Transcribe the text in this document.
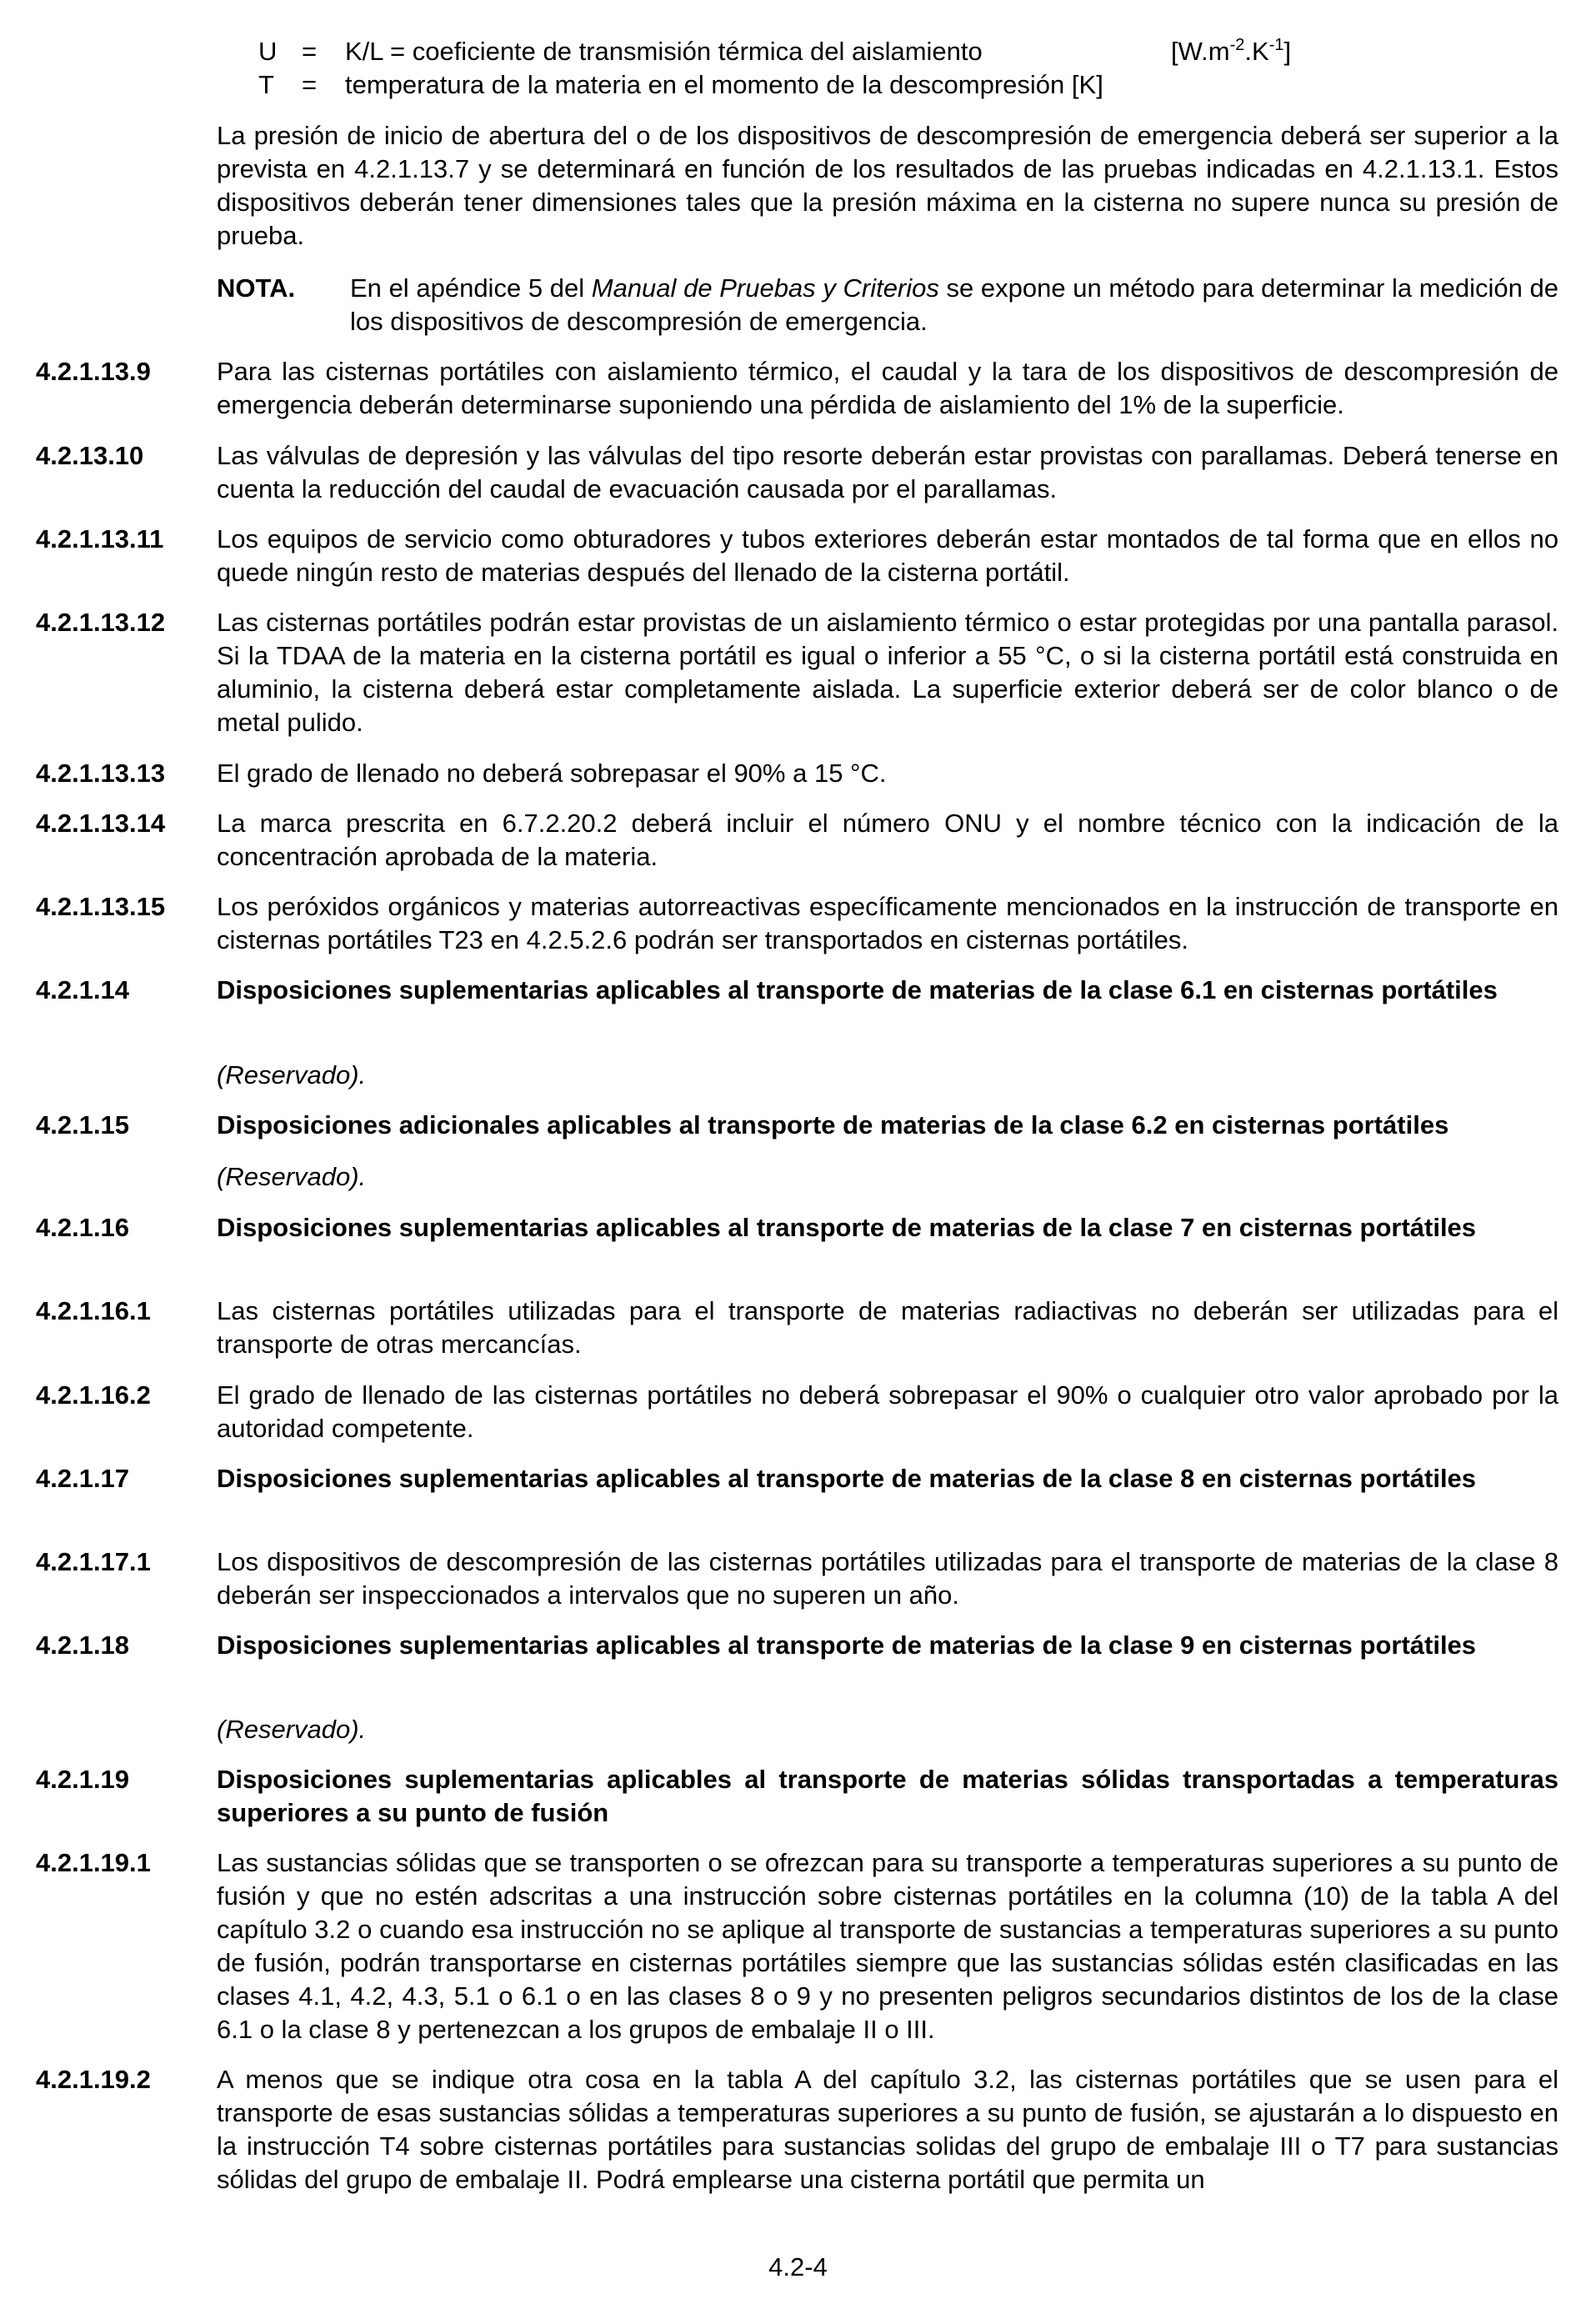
U =	K/L = coeficiente de transmisión térmica del aislamiento	$[W.m^{-2}.K^{-1}]$
T	=	temperatura de la materia en el momento de la descompresión [K]
La presión de inicio de abertura del o de los dispositivos de descompresión de emergencia deberá ser superior a la prevista en 4.2.1.13.7 y se determinará en función de los resultados de las pruebas indicadas en 4.2.1.13.1. Estos dispositivos deberán tener dimensiones tales que la presión máxima en la cisterna no supere nunca su presión de prueba.
NOTA. En el apéndice 5 del Manual de Pruebas y Criterios se expone un método para determinar la medición de los dispositivos de descompresión de emergencia.
4.2.1.13.9	Para las cisternas portátiles con aislamiento térmico, el caudal y la tara de los dispositivos de descompresión de emergencia deberán determinarse suponiendo una pérdida de aislamiento del 1% de la superficie.
4.2.13.10	Las válvulas de depresión y las válvulas del tipo resorte deberán estar provistas con parallamas. Deberá tenerse en cuenta la reducción del caudal de evacuación causada por el parallamas.
4.2.1.13.11	Los equipos de servicio como obturadores y tubos exteriores deberán estar montados de tal forma que en ellos no quede ningún resto de materias después del llenado de la cisterna portátil.
4.2.1.13.12	Las cisternas portátiles podrán estar provistas de un aislamiento térmico o estar protegidas por una pantalla parasol. Si la TDAA de la materia en la cisterna portátil es igual o inferior a 55 °C, o si la cisterna portátil está construida en aluminio, la cisterna deberá estar completamente aislada. La superficie exterior deberá ser de color blanco o de metal pulido.
4.2.1.13.13	El grado de llenado no deberá sobrepasar el 90% a 15 °C.
4.2.1.13.14	La marca prescrita en 6.7.2.20.2 deberá incluir el número ONU y el nombre técnico con la indicación de la concentración aprobada de la materia.
4.2.1.13.15	Los peróxidos orgánicos y materias autorreactivas específicamente mencionados en la instrucción de transporte en cisternas portátiles T23 en 4.2.5.2.6 podrán ser transportados en cisternas portátiles.
4.2.1.14	Disposiciones suplementarias aplicables al transporte de materias de la clase 6.1 en cisternas portátiles
(Reservado).
4.2.1.15	Disposiciones adicionales aplicables al transporte de materias de la clase 6.2 en cisternas portátiles
(Reservado).
4.2.1.16	Disposiciones suplementarias aplicables al transporte de materias de la clase 7 en cisternas portátiles
4.2.1.16.1	Las cisternas portátiles utilizadas para el transporte de materias radiactivas no deberán ser utilizadas para el transporte de otras mercancías.
4.2.1.16.2	El grado de llenado de las cisternas portátiles no deberá sobrepasar el 90% o cualquier otro valor aprobado por la autoridad competente.
4.2.1.17	Disposiciones suplementarias aplicables al transporte de materias de la clase 8 en cisternas portátiles
4.2.1.17.1	Los dispositivos de descompresión de las cisternas portátiles utilizadas para el transporte de materias de la clase 8 deberán ser inspeccionados a intervalos que no superen un año.
4.2.1.18	Disposiciones suplementarias aplicables al transporte de materias de la clase 9 en cisternas portátiles
(Reservado).
4.2.1.19	Disposiciones suplementarias aplicables al transporte de materias sólidas transportadas a temperaturas superiores a su punto de fusión
4.2.1.19.1	Las sustancias sólidas que se transporten o se ofrezcan para su transporte a temperaturas superiores a su punto de fusión y que no estén adscritas a una instrucción sobre cisternas portátiles en la columna (10) de la tabla A del capítulo 3.2 o cuando esa instrucción no se aplique al transporte de sustancias a temperaturas superiores a su punto de fusión, podrán transportarse en cisternas portátiles siempre que las sustancias sólidas estén clasificadas en las clases 4.1, 4.2, 4.3, 5.1 o 6.1 o en las clases 8 o 9 y no presenten peligros secundarios distintos de los de la clase 6.1 o la clase 8 y pertenezcan a los grupos de embalaje II o III.
4.2.1.19.2	A menos que se indique otra cosa en la tabla A del capítulo 3.2, las cisternas portátiles que se usen para el transporte de esas sustancias sólidas a temperaturas superiores a su punto de fusión, se ajustarán a lo dispuesto en la instrucción T4 sobre cisternas portátiles para sustancias solidas del grupo de embalaje III o T7 para sustancias sólidas del grupo de embalaje II. Podrá emplearse una cisterna portátil que permita un
4.2-4
